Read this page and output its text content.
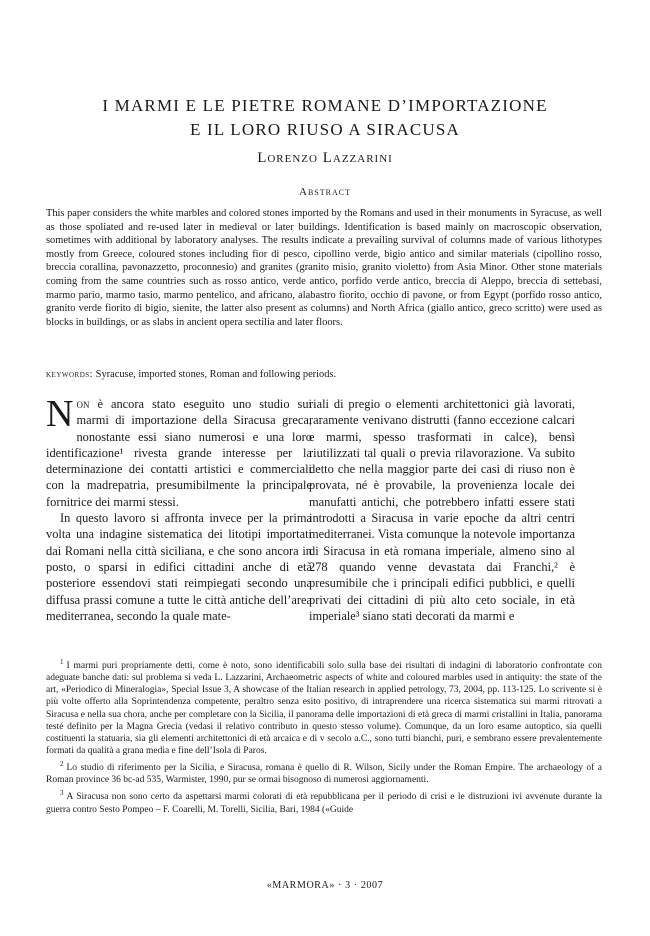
I MARMI E LE PIETRE ROMANE D’IMPORTAZIONE
E IL LORO RIUSO A SIRACUSA
Lorenzo Lazzarini
Abstract

This paper considers the white marbles and colored stones imported by the Romans and used in their monuments in Syracuse, as well as those spoliated and re-used later in medieval or later buildings. Identification is based mainly on macroscopic observation, sometimes with additional by laboratory analyses. The results indicate a prevailing survival of columns made of various lithotypes mostly from Greece, coloured stones including fior di pesco, cipollino verde, bigio antico and similar materials (cipollino rosso, breccia corallina, pavonazzetto, proconnesio) and granites (granito misio, granito violetto) from Asia Minor. Other stone materials coming from the same countries such as rosso antico, verde antico, porfido verde antico, breccia di Aleppo, breccia di settebasi, marmo pario, marmo tasio, marmo pentelico, and africano, alabastro fiorito, occhio di pavone, or from Egypt (porfido rosso antico, granito verde fiorito di bigio, sienite, the latter also present as columns) and North Africa (giallo antico, greco scritto) were used as blocks in buildings, or as slabs in ancient opera sectilia and later floors.

keywords: Syracuse, imported stones, Roman and following periods.

Non è ancora stato eseguito uno studio sui marmi di importazione della Siracusa greca, nonostante essi siano numerosi e una loro identificazione¹ rivesta grande interesse per la determinazione dei contatti artistici e commerciali con la madrepatria, presumibilmente la principale fornitrice dei marmi stessi.

In questo lavoro si affronta invece per la prima volta una indagine sistematica dei litotipi importati dai Romani nella città siciliana, e che sono ancora in posto, o sparsi in edifici cittadini anche di età posteriore essendovi stati reimpiegati secondo una diffusa prassi comune a tutte le città antiche dell’area mediterranea, secondo la quale mate-

riali di pregio o elementi architettonici già lavorati, raramente venivano distrutti (fanno eccezione calcari e marmi, spesso trasformati in calce), bensì riutilizzati tal quali o previa rilavorazione. Va subito detto che nella maggior parte dei casi di riuso non è provata, né è provabile, la provenienza locale dei manufatti antichi, che potrebbero infatti essere stati introdotti a Siracusa in varie epoche da altri centri mediterranei. Vista comunque la notevole importanza di Siracusa in età romana imperiale, almeno sino al 278 quando venne devastata dai Franchi,² è presumibile che i principali edifici pubblici, e quelli privati dei cittadini di più alto ceto sociale, in età imperiale³ siano stati decorati da marmi e

$^1$ I marmi puri propriamente detti, come è noto, sono identificabili solo sulla base dei risultati di indagini di laboratorio confrontate con adeguate banche dati: sul problema si veda L. Lazzarini, Archaeometric aspects of white and coloured marbles used in antiquity: the state of the art, «Periodico di Mineralogia», Special Issue 3, A showcase of the Italian research in applied petrology, 73, 2004, pp. 113-125. Lo scrivente si è più volte offerto alla Soprintendenza competente, peraltro senza esito positivo, di intraprendere una ricerca sistematica sui marmi ritrovati a Siracusa e nella sua chora, anche per completare con la Sicilia, il panorama delle importazioni di età greca di marmi cristallini in Italia, panorama testé definito per la Magna Grecia (vedasi il relativo contributo in questo stesso volume). Comunque, da un loro esame autoptico, sia quelli costituenti la statuaria, sia gli elementi architettonici di età arcaica e di v secolo a.C., sono tutti bianchi, puri, e sembrano essere prevalentemente formati da qualità a grana media e fine dell’Isola di Paros.

$^2$ Lo studio di riferimento per la Sicilia, e Siracusa, romana è quello di R. Wilson, Sicily under the Roman Empire. The archaeology of a Roman province 36 bc-ad 535, Warmister, 1990, pur se ormai bisognoso di numerosi aggiornamenti.

$^3$ A Siracusa non sono certo da aspettarsi marmi colorati di età repubblicana per il periodo di crisi e le distruzioni ivi avvenute durante la guerra contro Sesto Pompeo – F. Coarelli, M. Torelli, Sicilia, Bari, 1984 («Guide

«MARMORA» · 3 · 2007
